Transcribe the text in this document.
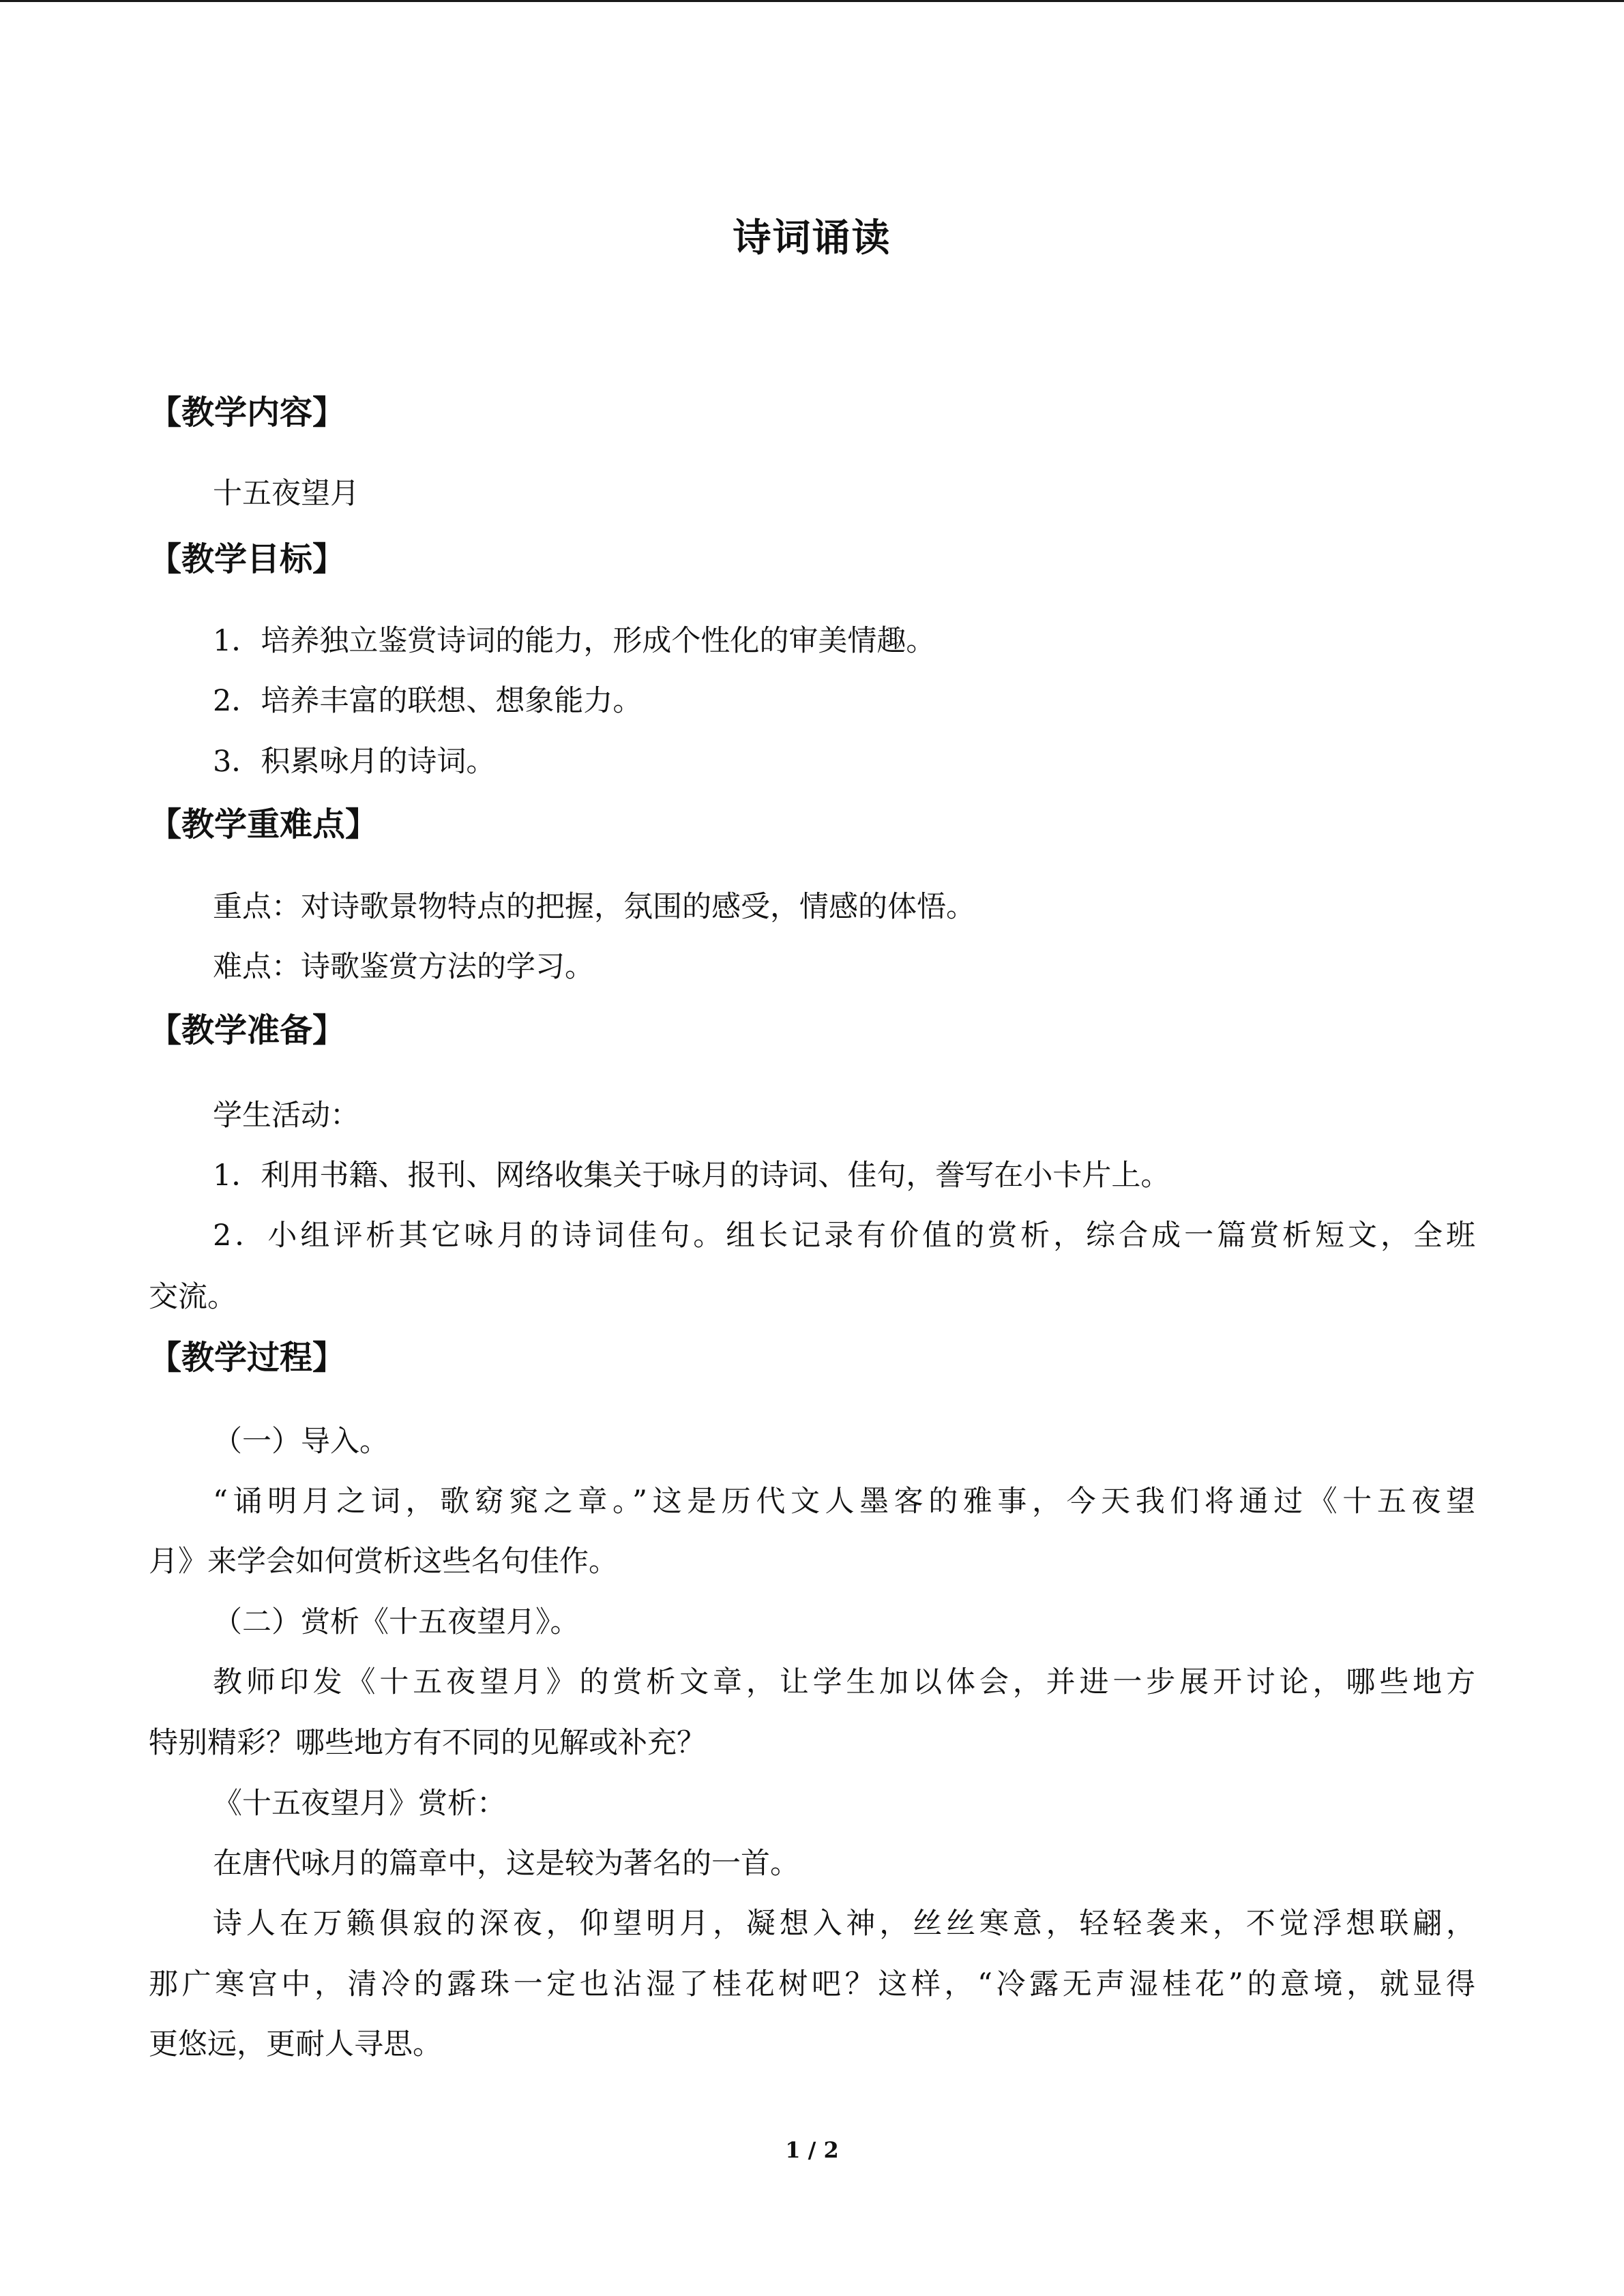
诗词诵读
【教学内容】
十五夜望月
【教学目标】
1．培养独立鉴赏诗词的能力，形成个性化的审美情趣。
2．培养丰富的联想、想象能力。
3．积累咏月的诗词。
【教学重难点】
重点：对诗歌景物特点的把握，氛围的感受，情感的体悟。
难点：诗歌鉴赏方法的学习。
【教学准备】
学生活动：
1．利用书籍、报刊、网络收集关于咏月的诗词、佳句，誊写在小卡片上。
2．小组评析其它咏月的诗词佳句。组长记录有价值的赏析，综合成一篇赏析短文，全班
交流。
【教学过程】
（一）导入。
“诵明月之词，歌窈窕之章。”这是历代文人墨客的雅事，今天我们将通过《十五夜望
月》来学会如何赏析这些名句佳作。
（二）赏析《十五夜望月》。
教师印发《十五夜望月》的赏析文章，让学生加以体会，并进一步展开讨论，哪些地方
特别精彩？哪些地方有不同的见解或补充？
《十五夜望月》赏析：
在唐代咏月的篇章中，这是较为著名的一首。
诗人在万籁俱寂的深夜，仰望明月，凝想入神，丝丝寒意，轻轻袭来，不觉浮想联翩，
那广寒宫中，清冷的露珠一定也沾湿了桂花树吧？这样，“冷露无声湿桂花”的意境，就显得
更悠远，更耐人寻思。
1 / 2
